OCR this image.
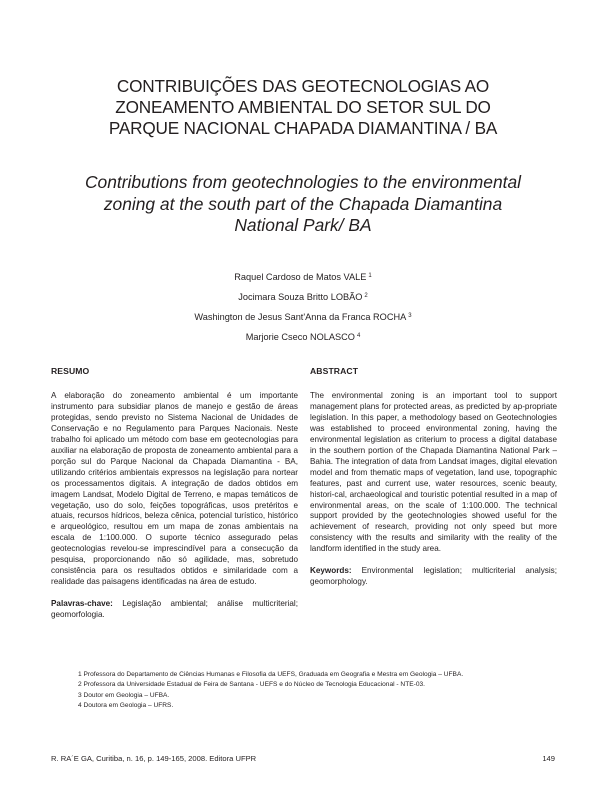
CONTRIBUIÇÕES DAS GEOTECNOLOGIAS AO
ZONEAMENTO AMBIENTAL DO SETOR SUL DO
PARQUE NACIONAL CHAPADA DIAMANTINA / BA
Contributions from geotechnologies to the environmental
zoning at the south part of the Chapada Diamantina
National Park/ BA
Raquel Cardoso de Matos VALE $^1$
Jocimara Souza Britto LOBÃO $^2$
Washington de Jesus Sant'Anna da Franca ROCHA $^3$
Marjorie Cseco NOLASCO $^4$
RESUMO

A elaboração do zoneamento ambiental é um importante instrumento para subsidiar planos de manejo e gestão de áreas protegidas, sendo previsto no Sistema Nacional de Unidades de Conservação e no Regulamento para Parques Nacionais. Neste trabalho foi aplicado um método com base em geotecnologias para auxiliar na elaboração de proposta de zoneamento ambiental para a porção sul do Parque Nacional da Chapada Diamantina - BA, utilizando critérios ambientais expressos na legislação para nortear os processamentos digitais. A integração de dados obtidos em imagem Landsat, Modelo Digital de Terreno, e mapas temáticos de vegetação, uso do solo, feições topográficas, usos pretéritos e atuais, recursos hídricos, beleza cênica, potencial turístico, histórico e arqueológico, resultou em um mapa de zonas ambientais na escala de 1:100.000. O suporte técnico assegurado pelas geotecnologias revelou-se imprescindível para a consecução da pesquisa, proporcionando não só agilidade, mas, sobretudo consistência para os resultados obtidos e similaridade com a realidade das paisagens identificadas na área de estudo.

Palavras-chave: Legislação ambiental; análise multicriterial; geomorfologia.

ABSTRACT

The environmental zoning is an important tool to support management plans for protected areas, as predicted by ap-propriate legislation. In this paper, a methodology based on Geotechnologies was established to proceed environmental zoning, having the environmental legislation as criterium to process a digital database in the southern portion of the Chapada Diamantina National Park – Bahia. The integration of data from Landsat images, digital elevation model and from thematic maps of vegetation, land use, topographic features, past and current use, water resources, scenic beauty, histori-cal, archaeological and touristic potential resulted in a map of environmental areas, on the scale of 1:100.000. The technical support provided by the geotechnologies showed useful for the achievement of research, providing not only speed but more consistency with the results and similarity with the reality of the landform identified in the study area.

Keywords: Environmental legislation; multicriterial analysis; geomorphology.

1 Professora do Departamento de Ciências Humanas e Filosofia da UEFS, Graduada em Geografia e Mestra em Geologia – UFBA.
2 Professora da Universidade Estadual de Feira de Santana - UEFS e do Núcleo de Tecnologia Educacional - NTE-03.
3 Doutor em Geologia – UFBA.
4 Doutora em Geologia – UFRS.
R. RA´E GA, Curitiba, n. 16, p. 149-165, 2008. Editora UFPR	149
